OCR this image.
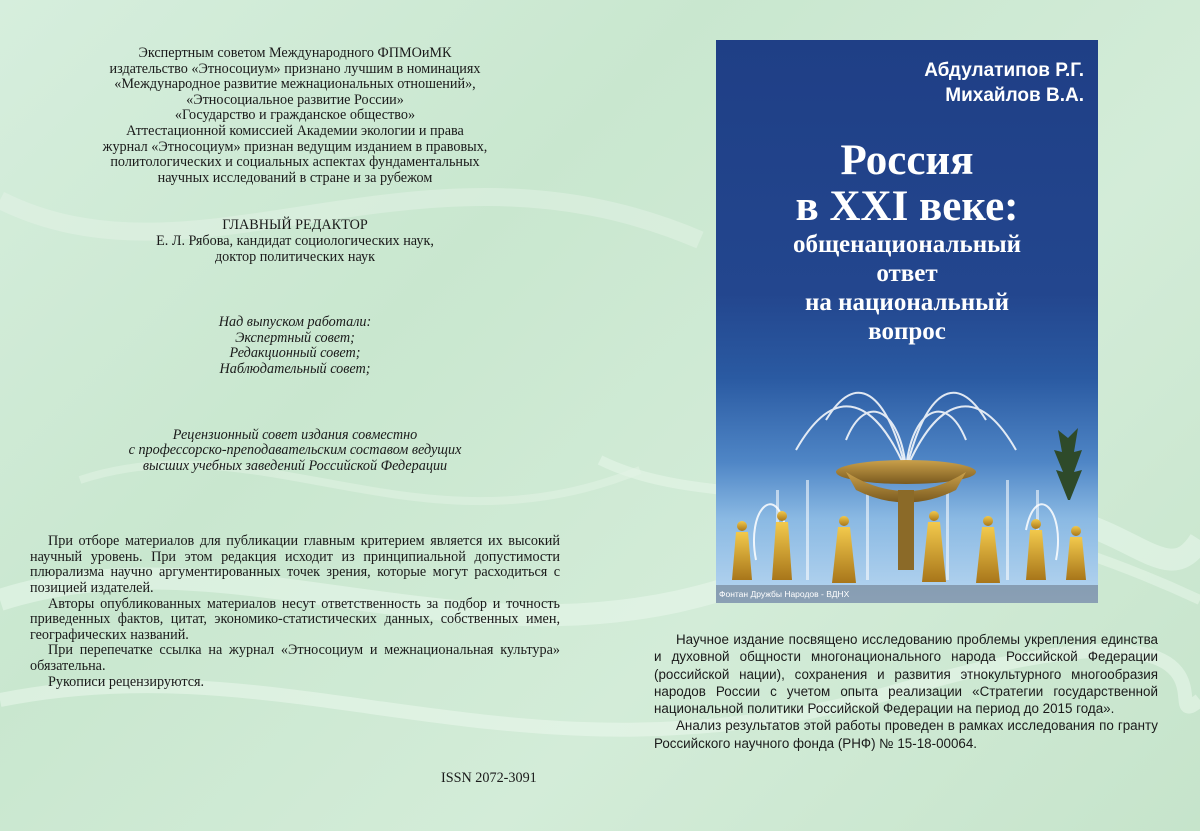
Экспертным советом Международного ФПМОиМК
издательство «Этносоциум» признано лучшим в номинациях
«Международное развитие межнациональных отношений»,
«Этносоциальное развитие России»
«Государство и гражданское общество»
Аттестационной комиссией Академии экологии и права
журнал «Этносоциум» признан ведущим изданием в правовых,
политологических и социальных аспектах фундаментальных
научных исследований в стране и за рубежом
ГЛАВНЫЙ РЕДАКТОР
Е. Л. Рябова, кандидат социологических наук,
доктор политических наук
Над выпуском работали:
Экспертный совет;
Редакционный совет;
Наблюдательный совет;
Рецензионный совет издания совместно
с профессорско-преподавательским составом ведущих
высших учебных заведений Российской Федерации

При отборе материалов для публикации главным критерием является их высокий научный уровень. При этом редакция исходит из принципиальной допустимости плюрализма научно аргументированных точек зрения, которые могут расходиться с позицией издателей.

Авторы опубликованных материалов несут ответственность за подбор и точность приведенных фактов, цитат, экономико-статистических данных, собственных имен, географических названий.

При перепечатке ссылка на журнал «Этносоциум и межнациональная культура» обязательна.

Рукописи рецензируются.

ISSN 2072-3091
Абдулатипов Р.Г.
Михайлов В.А.
Россия
в XXI веке:
общенациональный
ответ
на национальный
вопрос
Фонтан Дружбы Народов - ВДНХ

Научное издание посвящено исследованию проблемы укрепления единства и духовной общности многонационального народа Российской Федерации (российской нации), сохранения и развития этнокультурного многообразия народов России с учетом опыта реализации «Стратегии государственной национальной политики Российской Федерации на период до 2015 года».

Анализ результатов этой работы проведен в рамках исследования по гранту Российского научного фонда (РНФ) № 15-18-00064.
